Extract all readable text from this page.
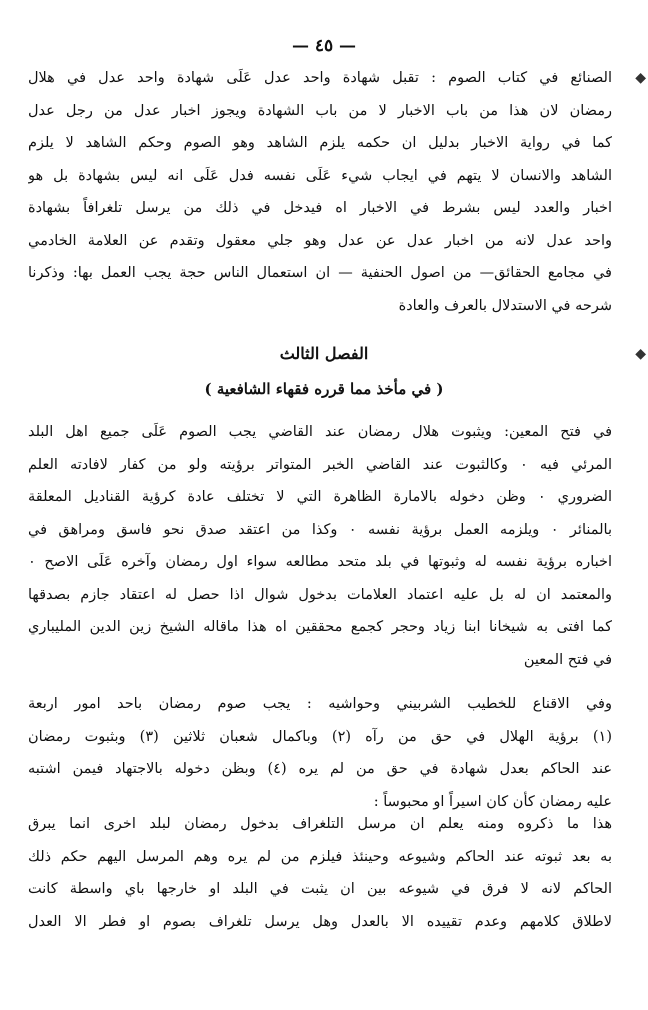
— ٤٥ —
◆
◆
الصنائع في كتاب الصوم : تقبل شهادة واحد عدل عَلَى شهادة واحد عدل في هلال
رمضان لان هذا من باب الاخبار لا من باب الشهادة ويجوز اخبار عدل من رجل عدل
كما في رواية الاخبار بدليل ان حكمه يلزم الشاهد وهو الصوم وحكم الشاهد لا يلزم
الشاهد والانسان لا يتهم في ايجاب شيء عَلَى نفسه فدل عَلَى انه ليس بشهادة بل هو
اخبار والعدد ليس بشرط في الاخبار اه فيدخل في ذلك من يرسل تلغرافاً بشهادة
واحد عدل لانه من اخبار عدل عن عدل وهو جلي معقول وتقدم عن العلامة الخادمي
في مجامع الحقائق— من اصول الحنفية — ان استعمال الناس حجة يجب العمل بها: وذكرنا
شرحه في الاستدلال بالعرف والعادة
الفصل الثالث
( في مأخذ مما قرره فقهاء الشافعية )
في فتح المعين: ويثبوت هلال رمضان عند القاضي يجب الصوم عَلَى جميع اهل البلد
المرئي فيه ٠ وكالثبوت عند القاضي الخبر المتواتر برؤيته ولو من كفار لافادته العلم
الضروري ٠ وظن دخوله بالامارة الظاهرة التي لا تختلف عادة كرؤية القناديل المعلقة
بالمنائر ٠ ويلزمه العمل برؤية نفسه ٠ وكذا من اعتقد صدق نحو فاسق ومراهق في
اخباره برؤية نفسه له وثبوتها في بلد متحد مطالعه سواء اول رمضان وآخره عَلَى الاصح ٠
والمعتمد ان له بل عليه اعتماد العلامات بدخول شوال اذا حصل له اعتقاد جازم بصدقها
كما افتى به شيخانا ابنا زياد وحجر كجمع محققين اه هذا ماقاله الشيخ زين الدين المليباري
في فتح المعين
وفي الاقناع للخطيب الشربيني وحواشيه : يجب صوم رمضان باحد امور اربعة
(١) برؤية الهلال في حق من رآه (٢) وباكمال شعبان ثلاثين (٣) وبثبوت رمضان
عند الحاكم بعدل شهادة في حق من لم يره (٤) وبظن دخوله بالاجتهاد فيمن اشتبه
عليه رمضان كأن كان اسيراً او محبوساً :
هذا ما ذكروه ومنه يعلم ان مرسل التلغراف بدخول رمضان لبلد اخرى انما يبرق
به بعد ثبوته عند الحاكم وشيوعه وحينئذ فيلزم من لم يره وهم المرسل اليهم حكم ذلك
الحاكم لانه لا فرق في شيوعه بين ان يثبت في البلد او خارجها باي واسطة كانت
لاطلاق كلامهم وعدم تقييده الا بالعدل وهل يرسل تلغراف بصوم او فطر الا العدل
